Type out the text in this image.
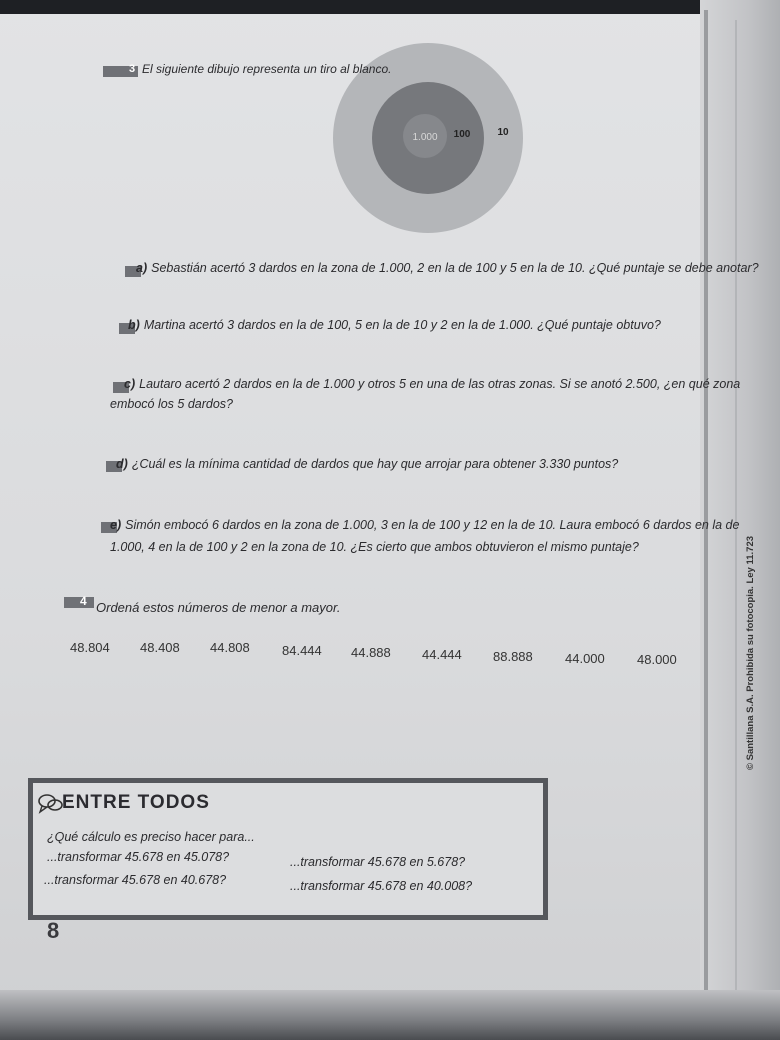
1.000 100	10
3 El siguiente dibujo representa un tiro al blanco.
a) Sebastián acertó 3 dardos en la zona de 1.000, 2 en la de 100 y 5 en la de 10. ¿Qué puntaje se debe anotar?
b) Martina acertó 3 dardos en la de 100, 5 en la de 10 y 2 en la de 1.000. ¿Qué puntaje obtuvo?
c) Lautaro acertó 2 dardos en la de 1.000 y otros 5 en una de las otras zonas. Si se anotó 2.500, ¿en qué zona
embocó los 5 dardos?
d) ¿Cuál es la mínima cantidad de dardos que hay que arrojar para obtener 3.330 puntos?
e) Simón embocó 6 dardos en la zona de 1.000, 3 en la de 100 y 12 en la de 10. Laura embocó 6 dardos en la de
1.000, 4 en la de 100 y 2 en la zona de 10. ¿Es cierto que ambos obtuvieron el mismo puntaje?
4 Ordená estos números de menor a mayor.
48.804 48.408 44.808 84.444 44.888 44.444 88.888 44.000 48.000	© Santillana S.A. Prohibida su fotocopia. Ley 11.723
ENTRE TODOS
¿Qué cálculo es preciso hacer para...
...transformar 45.678 en 45.078?	...transformar 45.678 en 5.678?
...transformar 45.678 en 40.678?	...transformar 45.678 en 40.008?
8
